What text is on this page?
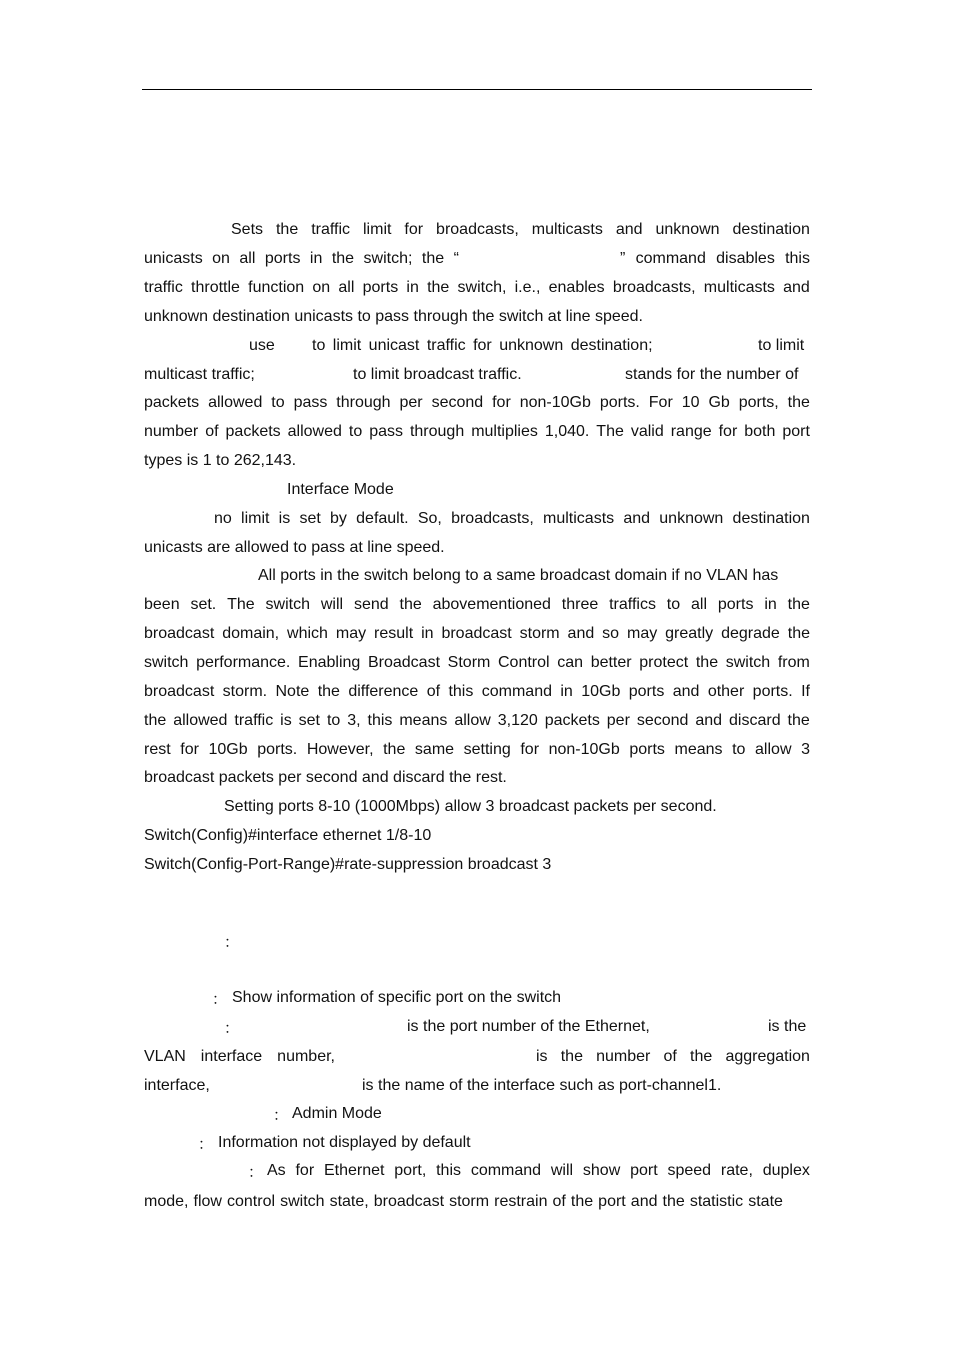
Sets the traffic limit for broadcasts, multicasts and unknown destination
unicasts on all ports in the switch; the “	” command disables this
traffic throttle function on all ports in the switch, i.e., enables broadcasts, multicasts and
unknown destination unicasts to pass through the switch at line speed.
use to limit unicast traffic for unknown destination;	to limit
multicast traffic;	to limit broadcast traffic.	stands for the number of
packets allowed to pass through per second for non-10Gb ports. For 10 Gb ports, the
number of packets allowed to pass through multiplies 1,040. The valid range for both port
types is 1 to 262,143.
Interface Mode
no limit is set by default. So, broadcasts, multicasts and unknown destination
unicasts are allowed to pass at line speed.
All ports in the switch belong to a same broadcast domain if no VLAN has
been set. The switch will send the abovementioned three traffics to all ports in the
broadcast domain, which may result in broadcast storm and so may greatly degrade the
switch performance. Enabling Broadcast Storm Control can better protect the switch from
broadcast storm. Note the difference of this command in 10Gb ports and other ports. If
the allowed traffic is set to 3, this means allow 3,120 packets per second and discard the
rest for 10Gb ports. However, the same setting for non-10Gb ports means to allow 3
broadcast packets per second and discard the rest.
Setting ports 8-10 (1000Mbps) allow 3 broadcast packets per second.
Switch(Config)#interface ethernet 1/8-10
Switch(Config-Port-Range)#rate-suppression broadcast 3
：
： Show information of specific port on the switch
：	is the port number of the Ethernet,	is the
VLAN interface number,	is the number of the aggregation
interface,	is the name of the interface such as port-channel1.
： Admin Mode
： Information not displayed by default
： As for Ethernet port, this command will show port speed rate, duplex
mode, flow control switch state, broadcast storm restrain of the port and the statistic state
